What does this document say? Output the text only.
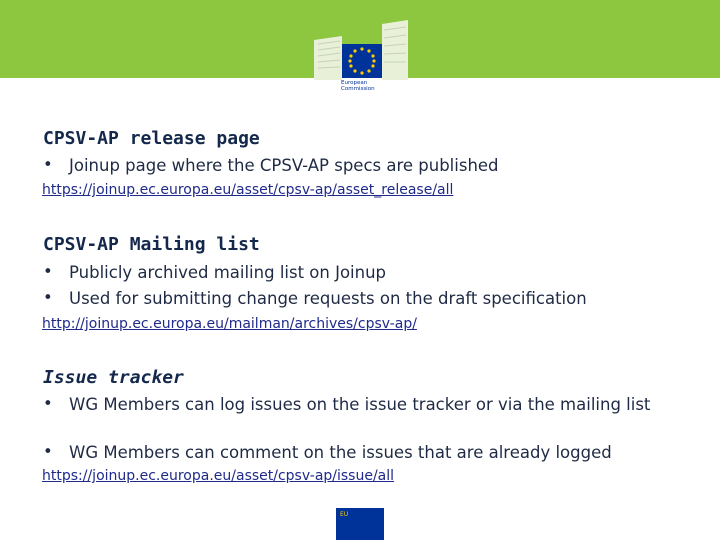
European
Commission
CPSV-AP release page
• Joinup page where the CPSV-AP specs are published
https://joinup.ec.europa.eu/asset/cpsv-ap/asset_release/all
CPSV-AP Mailing list
• Publicly archived mailing list on Joinup
• Used for submitting change requests on the draft specification
http://joinup.ec.europa.eu/mailman/archives/cpsv-ap/
Issue tracker
• WG Members can log issues on the issue tracker or via the mailing list
• WG Members can comment on the issues that are already logged
https://joinup.ec.europa.eu/asset/cpsv-ap/issue/all
EU
